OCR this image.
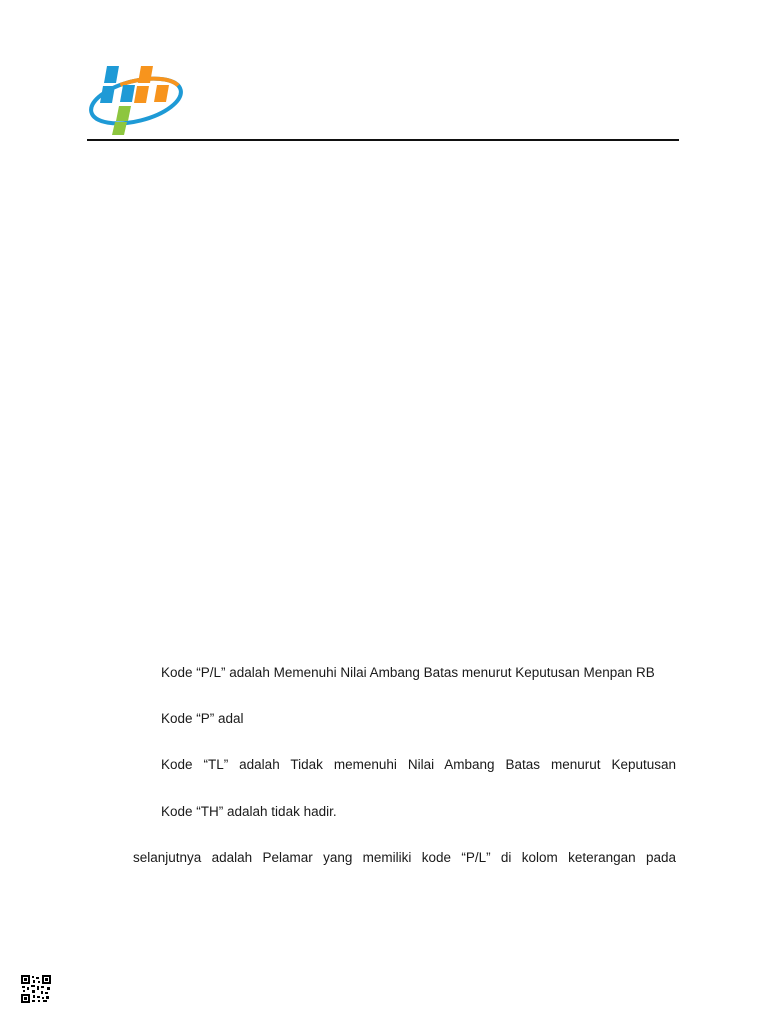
Kode “P/L” adalah Memenuhi Nilai Ambang Batas menurut Keputusan Menpan RB
Kode “P” adal
Kode “TL” adalah Tidak memenuhi Nilai Ambang Batas menurut Keputusan
Kode “TH” adalah tidak hadir.
selanjutnya adalah Pelamar yang memiliki kode “P/L” di kolom keterangan pada
